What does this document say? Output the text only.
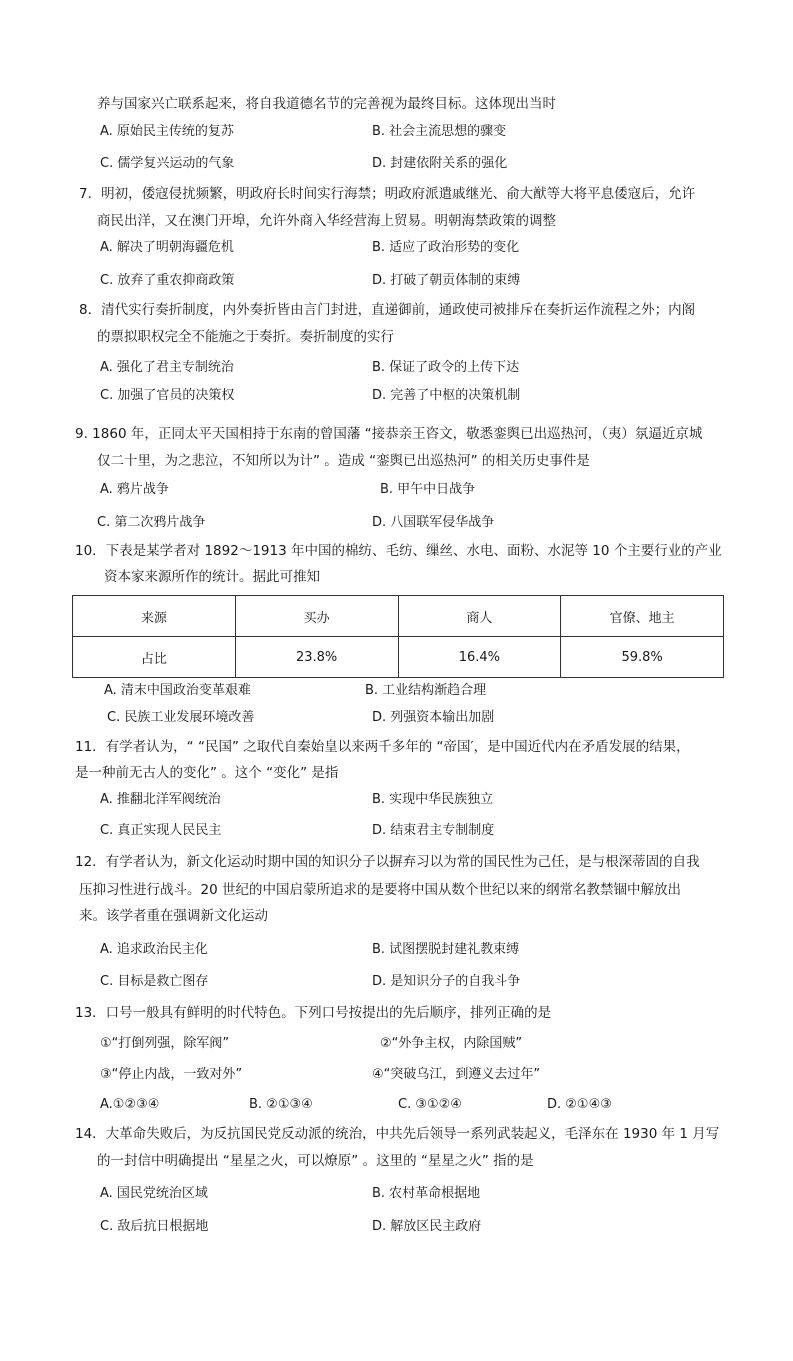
养与国家兴亡联系起来，将自我道德名节的完善视为最终目标。这体现出当时
A. 原始民主传统的复苏	B. 社会主流思想的骤变
C. 儒学复兴运动的气象	D. 封建依附关系的强化
7．明初，倭寇侵扰频繁，明政府长时间实行海禁；明政府派遣戚继光、俞大猷等大将平息倭寇后，允许
商民出洋，又在澳门开埠，允许外商入华经营海上贸易。明朝海禁政策的调整
A. 解决了明朝海疆危机	B. 适应了政治形势的变化
C. 放弃了重农抑商政策	D. 打破了朝贡体制的束缚
8．清代实行奏折制度，内外奏折皆由言门封进，直递御前，通政使司被排斥在奏折运作流程之外；内阁
的票拟职权完全不能施之于奏折。奏折制度的实行
A. 强化了君主专制统治	B. 保证了政令的上传下达
C. 加强了官员的决策权	D. 完善了中枢的决策机制
9. 1860 年，正同太平天国相持于东南的曾国藩 “接恭亲王咨文，敬悉銮舆已出巡热河，（夷）氛逼近京城
仅二十里，为之悲泣，不知所以为计” 。造成 “銮舆已出巡热河” 的相关历史事件是
A. 鸦片战争	B. 甲午中日战争
C. 第二次鸦片战争	D. 八国联军侵华战争
10．下表是某学者对 1892～1913 年中国的棉纺、毛纺、缫丝、水电、面粉、水泥等 10 个主要行业的产业
资本家来源所作的统计。据此可推知
来源	买办	商人	官僚、地主
占比	23.8%	16.4%	59.8%
A. 清末中国政治变革艰难	B. 工业结构渐趋合理
C. 民族工业发展环境改善	D. 列强资本输出加剧
11．有学者认为，“ “民国” 之取代自秦始皇以来两千多年的 “帝国′，是中国近代内在矛盾发展的结果，
是一种前无古人的变化” 。这个 “变化” 是指
A. 推翻北洋军阀统治	B. 实现中华民族独立
C. 真正实现人民民主	D. 结束君主专制制度
12．有学者认为，新文化运动时期中国的知识分子以摒弃习以为常的国民性为己任，是与根深蒂固的自我
压抑习性进行战斗。20 世纪的中国启蒙所追求的是要将中国从数个世纪以来的纲常名教禁锢中解放出
来。该学者重在强调新文化运动
A. 追求政治民主化	B. 试图摆脱封建礼教束缚
C. 目标是救亡图存	D. 是知识分子的自我斗争
13．口号一般具有鲜明的时代特色。下列口号按提出的先后顺序，排列正确的是
①“打倒列强，除军阀”	②“外争主权，内除国贼”
③“停止内战，一致对外”	④“突破乌江，到遵义去过年”
A.①②③④	B. ②①③④	C. ③①②④	D. ②①④③
14．大革命失败后，为反抗国民党反动派的统治，中共先后领导一系列武装起义，毛泽东在 1930 年 1 月写
的一封信中明确提出 “星星之火，可以燎原” 。这里的 “星星之火” 指的是
A. 国民党统治区域	B. 农村革命根据地
C. 敌后抗日根据地	D. 解放区民主政府
